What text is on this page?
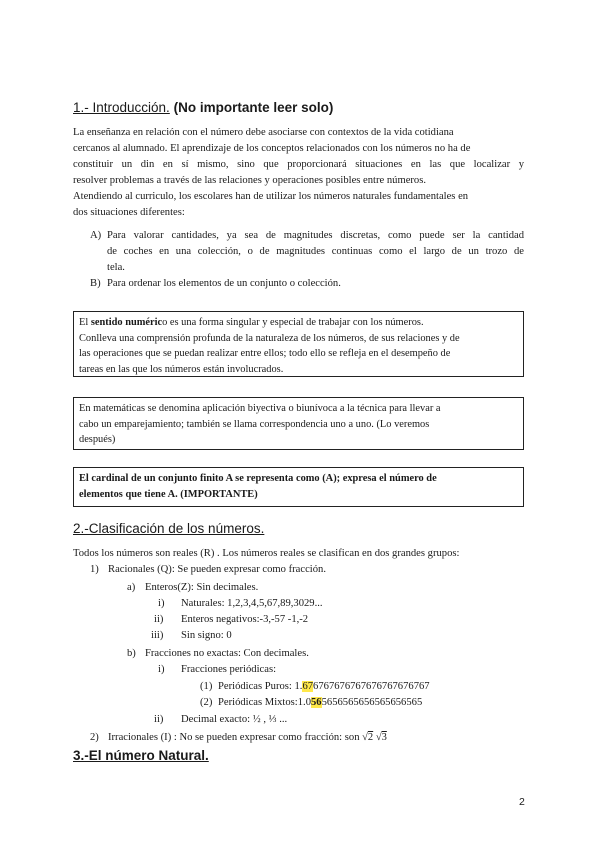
1.- Introducción. (No importante leer solo)
La enseñanza en relación con el número debe asociarse con contextos de la vida cotidiana
cercanos al alumnado. El aprendizaje de los conceptos relacionados con los números no ha de
constituir un din en sí mismo, sino que proporcionará situaciones en las que localizar y
resolver problemas a través de las relaciones y operaciones posibles entre números.
Atendiendo al curriculo, los escolares han de utilizar los números naturales fundamentales en
dos situaciones diferentes:
A) Para valorar cantidades, ya sea de magnitudes discretas, como puede ser la cantidad
de coches en una colección, o de magnitudes continuas como el largo de un trozo de
tela.
B) Para ordenar los elementos de un conjunto o colección.
El sentido numérico es una forma singular y especial de trabajar con los números.
Conlleva una comprensión profunda de la naturaleza de los números, de sus relaciones y de
las operaciones que se puedan realizar entre ellos; todo ello se refleja en el desempeño de
tareas en las que los números están involucrados.
En matemáticas se denomina aplicación biyectiva o biunívoca a la técnica para llevar a
cabo un emparejamiento; también se llama correspondencia uno a uno. (Lo veremos
después)
El cardinal de un conjunto finito A se representa como (A); expresa el número de
elementos que tiene A. (IMPORTANTE)
2.-Clasificación de los números.
Todos los números son reales (R) . Los números reales se clasifican en dos grandes grupos:
1) Racionales (Q): Se pueden expresar como fracción.
a) Enteros(Z): Sin decimales.
i) Naturales: 1,2,3,4,5,67,89,3029...
ii) Enteros negativos:-3,-57 -1,-2
iii) Sin signo: 0
b) Fracciones no exactas: Con decimales.
i) Fracciones periódicas:
(1) Periódicas Puros: 1.676767676767676767676767
(2) Periódicas Mixtos:1.0565656565656565656565
ii) Decimal exacto: ½ , ⅓ ...
2) Irracionales (I) : No se pueden expresar como fracción: son √2 √3
3.-El número Natural.
2
